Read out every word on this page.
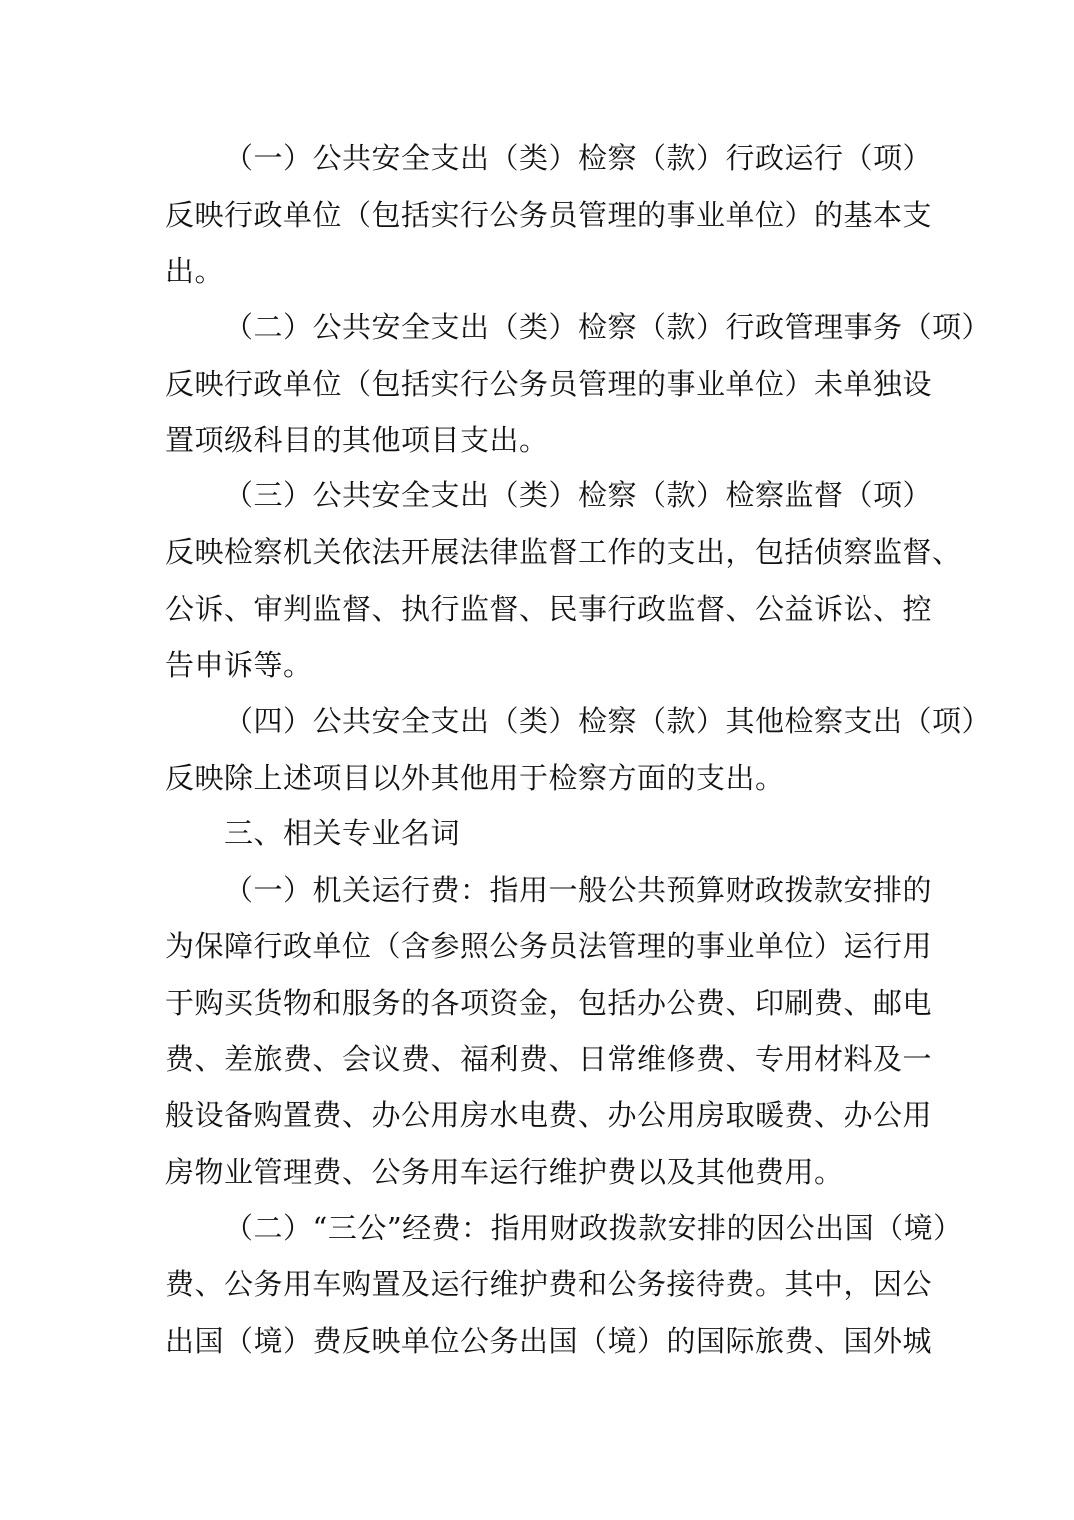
（一）公共安全支出（类）检察（款）行政运行（项）
反映行政单位（包括实行公务员管理的事业单位）的基本支
出。
（二）公共安全支出（类）检察（款）行政管理事务（项）
反映行政单位（包括实行公务员管理的事业单位）未单独设
置项级科目的其他项目支出。
（三）公共安全支出（类）检察（款）检察监督（项）
反映检察机关依法开展法律监督工作的支出，包括侦察监督、
公诉、审判监督、执行监督、民事行政监督、公益诉讼、控
告申诉等。
（四）公共安全支出（类）检察（款）其他检察支出（项）
反映除上述项目以外其他用于检察方面的支出。
三、相关专业名词
（一）机关运行费：指用一般公共预算财政拨款安排的
为保障行政单位（含参照公务员法管理的事业单位）运行用
于购买货物和服务的各项资金，包括办公费、印刷费、邮电
费、差旅费、会议费、福利费、日常维修费、专用材料及一
般设备购置费、办公用房水电费、办公用房取暖费、办公用
房物业管理费、公务用车运行维护费以及其他费用。
（二）“三公”经费：指用财政拨款安排的因公出国（境）
费、公务用车购置及运行维护费和公务接待费。其中，因公
出国（境）费反映单位公务出国（境）的国际旅费、国外城
